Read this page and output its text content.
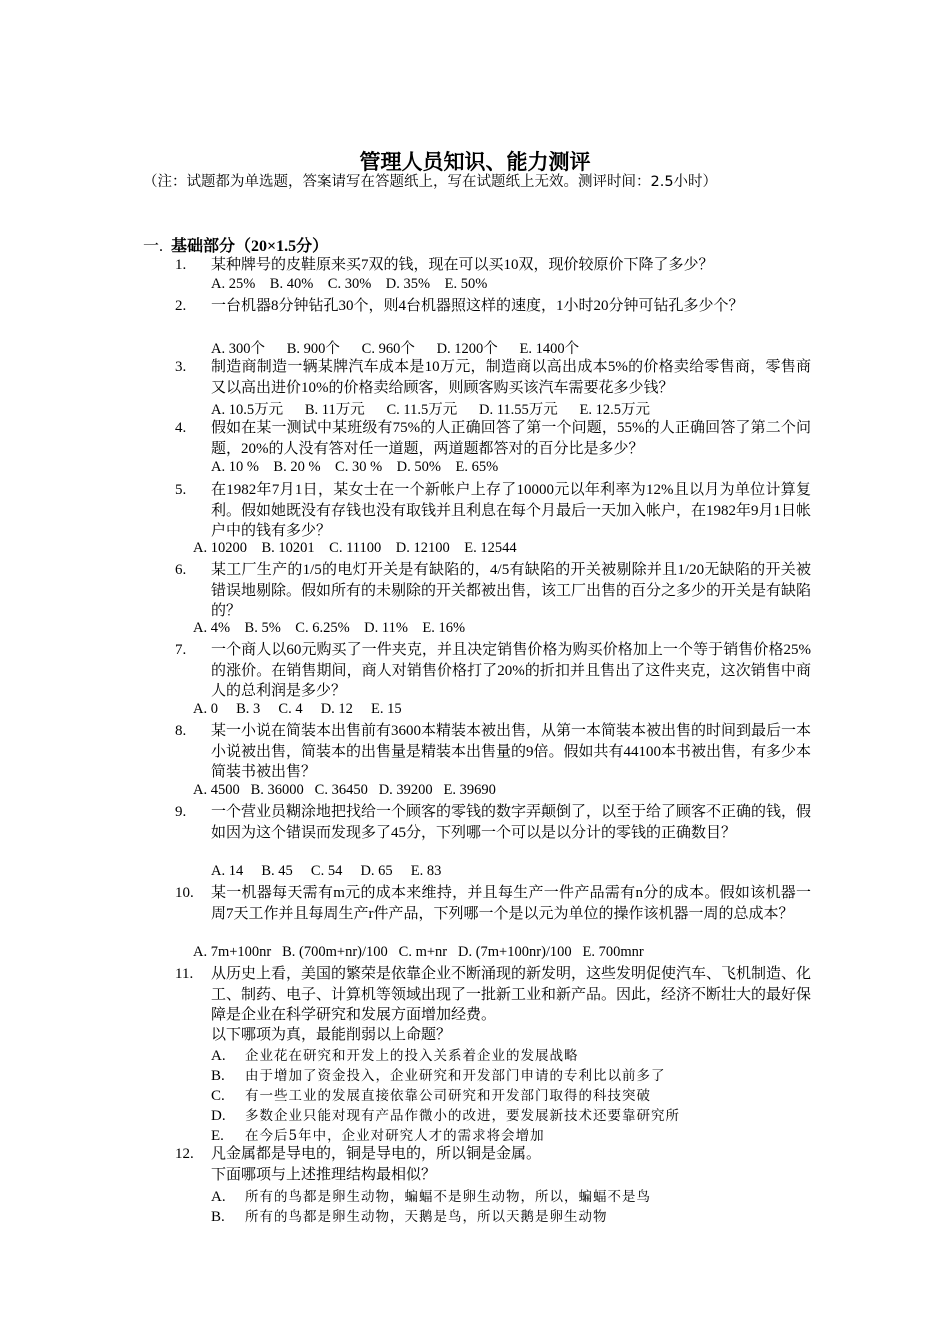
管理人员知识、能力测评
（注：试题都为单选题，答案请写在答题纸上，写在试题纸上无效。测评时间：2.5小时）
一. 基础部分（20×1.5分）
1.	某种牌号的皮鞋原来买7双的钱，现在可以买10双，现价较原价下降了多少？
A. 25%    B. 40%    C. 30%    D. 35%    E. 50%
2.	一台机器8分钟钻孔30个，则4台机器照这样的速度，1小时20分钟可钻孔多少个？
A. 300个      B. 900个      C. 960个      D. 1200个      E. 1400个
3.	制造商制造一辆某牌汽车成本是10万元，制造商以高出成本5%的价格卖给零售商，零售商又以高出进价10%的价格卖给顾客，则顾客购买该汽车需要花多少钱？
A. 10.5万元      B. 11万元      C. 11.5万元      D. 11.55万元      E. 12.5万元
4.	假如在某一测试中某班级有75%的人正确回答了第一个问题，55%的人正确回答了第二个问题，20%的人没有答对任一道题，两道题都答对的百分比是多少？
A. 10 %    B. 20 %    C. 30 %    D. 50%    E. 65%
5.	在1982年7月1日，某女士在一个新帐户上存了10000元以年利率为12%且以月为单位计算复利。假如她既没有存钱也没有取钱并且利息在每个月最后一天加入帐户，在1982年9月1日帐户中的钱有多少？
A. 10200    B. 10201    C. 11100    D. 12100    E. 12544
6.	某工厂生产的1/5的电灯开关是有缺陷的，4/5有缺陷的开关被剔除并且1/20无缺陷的开关被错误地剔除。假如所有的未剔除的开关都被出售，该工厂出售的百分之多少的开关是有缺陷的？
A. 4%    B. 5%    C. 6.25%    D. 11%    E. 16%
7.	一个商人以60元购买了一件夹克，并且决定销售价格为购买价格加上一个等于销售价格25%的涨价。在销售期间，商人对销售价格打了20%的折扣并且售出了这件夹克，这次销售中商人的总利润是多少？
A. 0     B. 3     C. 4     D. 12     E. 15
8.	某一小说在简装本出售前有3600本精装本被出售，从第一本简装本被出售的时间到最后一本小说被出售，简装本的出售量是精装本出售量的9倍。假如共有44100本书被出售，有多少本简装书被出售？
A. 4500   B. 36000   C. 36450   D. 39200   E. 39690
9.	一个营业员糊涂地把找给一个顾客的零钱的数字弄颠倒了，以至于给了顾客不正确的钱，假如因为这个错误而发现多了45分，下列哪一个可以是以分计的零钱的正确数目？
A. 14     B. 45     C. 54     D. 65     E. 83
10.	某一机器每天需有m元的成本来维持，并且每生产一件产品需有n分的成本。假如该机器一周7天工作并且每周生产r件产品，下列哪一个是以元为单位的操作该机器一周的总成本？
A. 7m+100nr   B. (700m+nr)/100   C. m+nr   D. (7m+100nr)/100   E. 700mnr
11.	从历史上看，美国的繁荣是依靠企业不断涌现的新发明，这些发明促使汽车、飞机制造、化工、制药、电子、计算机等领域出现了一批新工业和新产品。因此，经济不断壮大的最好保障是企业在科学研究和发展方面增加经费。
以下哪项为真，最能削弱以上命题？
A. 企业花在研究和开发上的投入关系着企业的发展战略
B. 由于增加了资金投入，企业研究和开发部门申请的专利比以前多了
C. 有一些工业的发展直接依靠公司研究和开发部门取得的科技突破
D. 多数企业只能对现有产品作微小的改进，要发展新技术还要靠研究所
E. 在今后5年中，企业对研究人才的需求将会增加
12.	凡金属都是导电的，铜是导电的，所以铜是金属。
下面哪项与上述推理结构最相似？
A. 所有的鸟都是卵生动物，蝙蝠不是卵生动物，所以，蝙蝠不是鸟
B. 所有的鸟都是卵生动物，天鹅是鸟，所以天鹅是卵生动物
